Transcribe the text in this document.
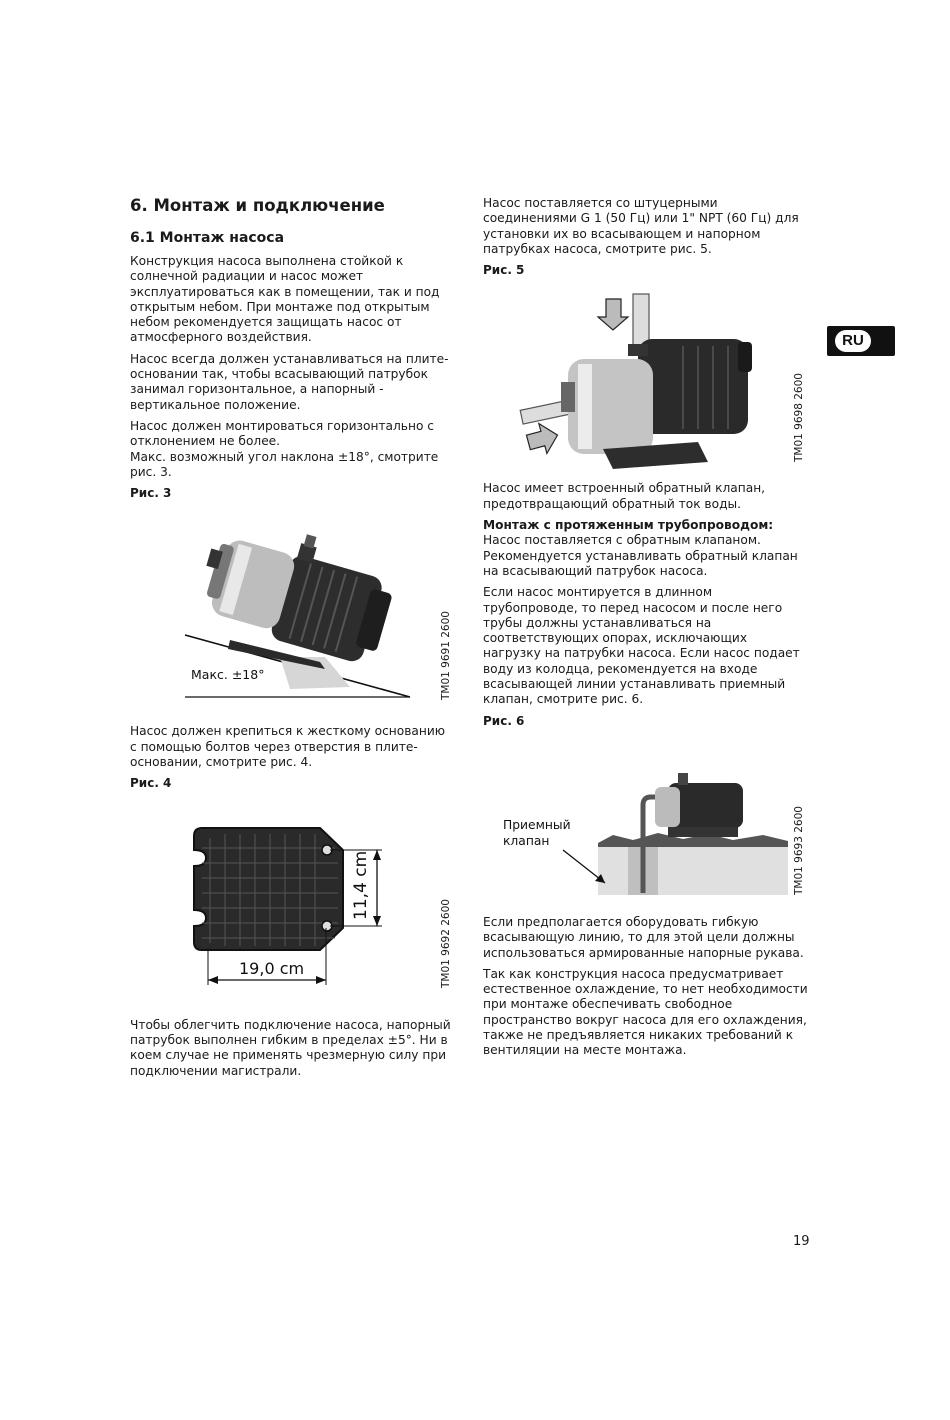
RU
6. Монтаж и подключение
6.1 Монтаж насоса

Конструкция насоса выполнена стойкой к солнечной радиации и насос может эксплуатироваться как в помещении, так и под открытым небом. При монтаже под открытым небом рекомендуется защищать насос от атмосферного воздействия.

Насос всегда должен устанавливаться на плите-основании так, чтобы всасывающий патрубок занимал горизонтальное, а напорный - вертикальное положение.

Насос должен монтироваться горизонтально с отклонением не более.

Макс. возможный угол наклона ±18°, смотрите рис. 3.

Рис. 3
Макс. ±18°	TM01 9691 2600

Насос должен крепиться к жесткому основанию с помощью болтов через отверстия в плите-основании, смотрите рис. 4.

Рис. 4
11,4 cm
19,0 cm	TM01 9692 2600

Чтобы облегчить подключение насоса, напорный патрубок выполнен гибким в пределах ±5°. Ни в коем случае не применять чрезмерную силу при подключении магистрали.

Насос поставляется со штуцерными соединениями G 1 (50 Гц) или 1" NPT (60 Гц) для установки их во всасывающем и напорном патрубках насоса, смотрите рис. 5.

Рис. 5
TM01 9698 2600

Насос имеет встроенный обратный клапан, предотвращающий обратный ток воды.

Монтаж с протяженным трубопроводом:
Насос поставляется с обратным клапаном. Рекомендуется устанавливать обратный клапан на всасывающий патрубок насоса.

Если насос монтируется в длинном трубопроводе, то перед насосом и после него трубы должны устанавливаться на соответствующих опорах, исключающих нагрузку на патрубки насоса. Если насос подает воду из колодца, рекомендуется на входе всасывающей линии устанавливать приемный клапан, смотрите рис. 6.

Рис. 6
Приемный
клапан	TM01 9693 2600

Если предполагается оборудовать гибкую всасывающую линию, то для этой цели должны использоваться армированные напорные рукава.

Так как конструкция насоса предусматривает естественное охлаждение, то нет необходимости при монтаже обеспечивать свободное пространство вокруг насоса для его охлаждения, также не предъявляется никаких требований к вентиляции на месте монтажа.

19
